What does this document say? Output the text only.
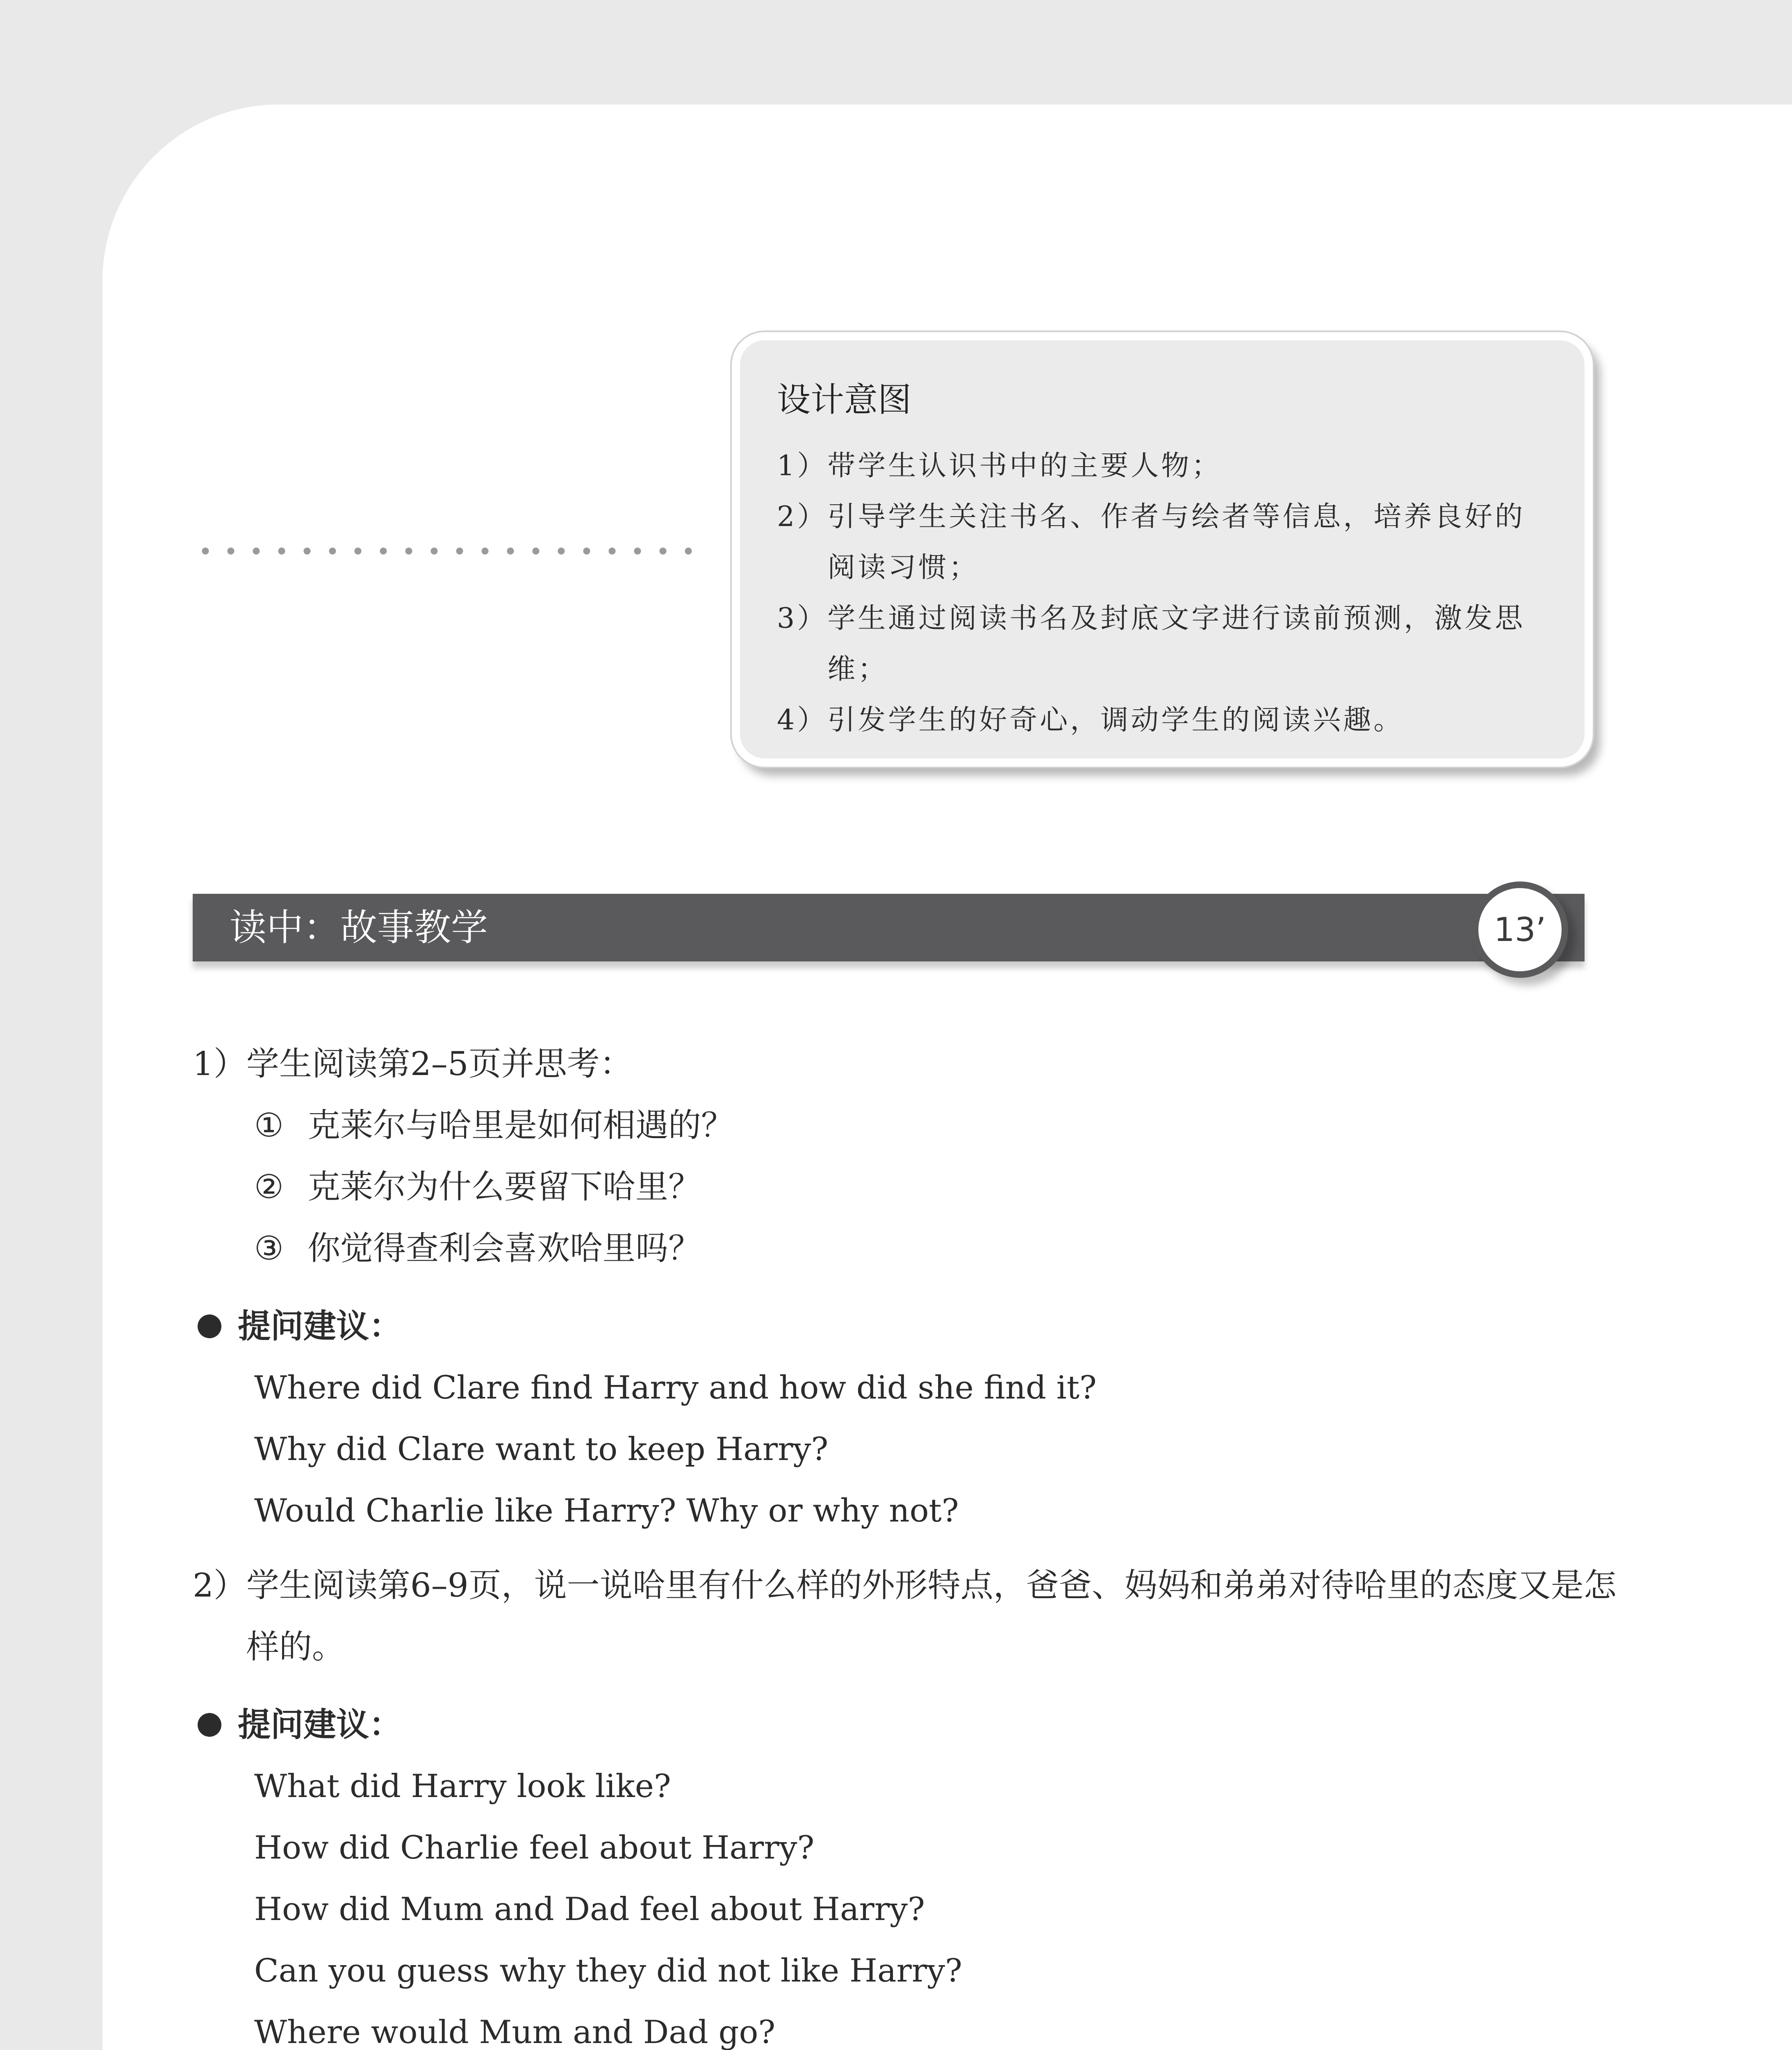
设计意图
1） 带学生认识书中的主要人物；
2） 引导学生关注书名、作者与绘者等信息，培养良好的阅读习惯；
3） 学生通过阅读书名及封底文字进行读前预测，激发思维；
4） 引发学生的好奇心，调动学生的阅读兴趣。
读中：故事教学	13’
1） 学生阅读第2–5页并思考：
① 克莱尔与哈里是如何相遇的？
② 克莱尔为什么要留下哈里？
③ 你觉得查利会喜欢哈里吗？
提问建议：
Where did Clare find Harry and how did she find it?
Why did Clare want to keep Harry?
Would Charlie like Harry? Why or why not?
2） 学生阅读第6–9页，说一说哈里有什么样的外形特点，爸爸、妈妈和弟弟对待哈里的态度又是怎样的。
提问建议：
What did Harry look like?
How did Charlie feel about Harry?
How did Mum and Dad feel about Harry?
Can you guess why they did not like Harry?
Where would Mum and Dad go?
